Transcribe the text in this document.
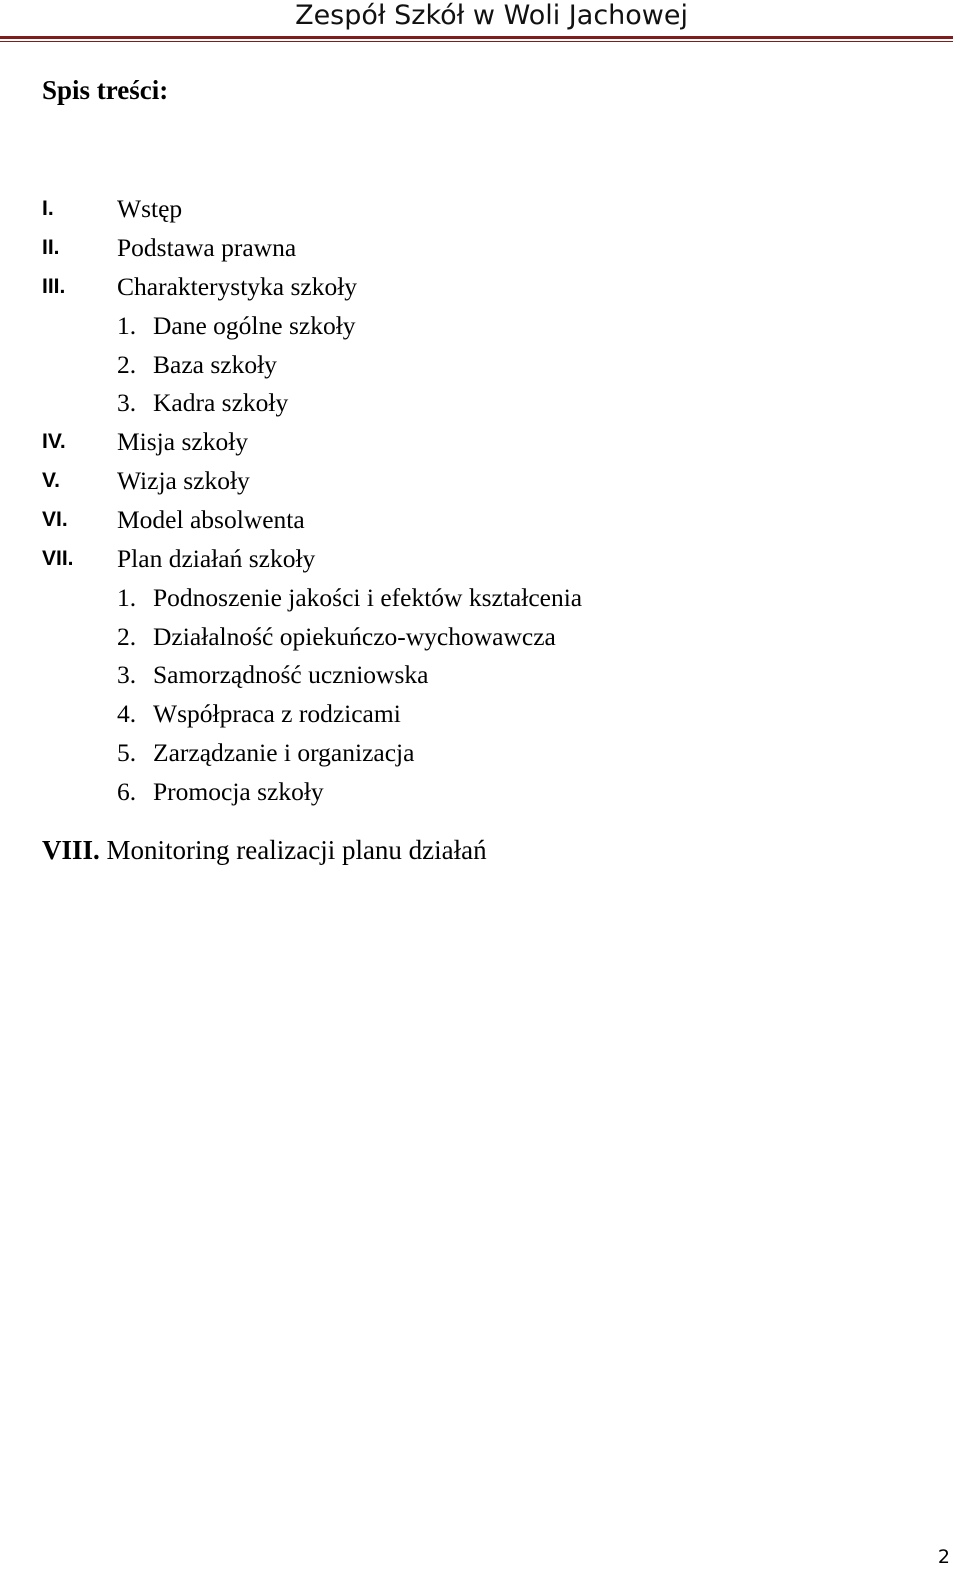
Zespół Szkół w Woli Jachowej
Spis treści:
I. Wstęp
II. Podstawa prawna
III. Charakterystyka szkoły
1. Dane ogólne szkoły
2. Baza szkoły
3. Kadra szkoły
IV. Misja szkoły
V. Wizja szkoły
VI. Model absolwenta
VII. Plan działań szkoły
1. Podnoszenie jakości i efektów kształcenia
2. Działalność opiekuńczo-wychowawcza
3. Samorządność uczniowska
4. Współpraca z rodzicami
5. Zarządzanie i organizacja
6. Promocja szkoły
VIII. Monitoring realizacji planu działań
2
